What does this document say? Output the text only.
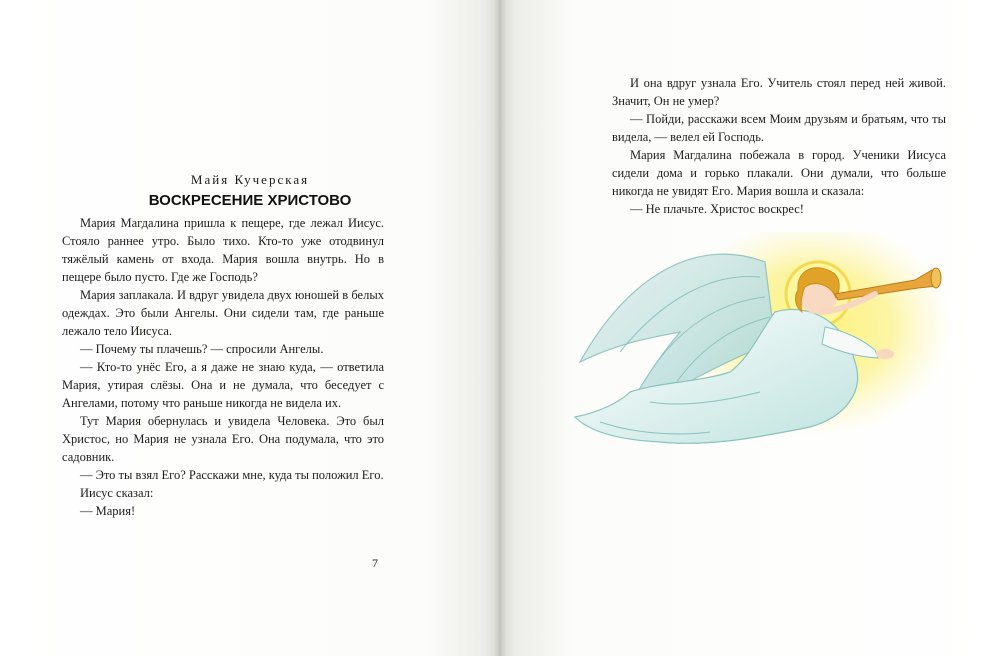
Майя Кучерская
ВОСКРЕСЕНИЕ ХРИСТОВО

Мария Магдалина пришла к пещере, где лежал Иисус. Стояло раннее утро. Было тихо. Кто-то уже отодвинул тяжёлый камень от входа. Мария вошла внутрь. Но в пещере было пусто. Где же Господь?

Мария заплакала. И вдруг увидела двух юношей в белых одеждах. Это были Ангелы. Они сидели там, где раньше лежало тело Иисуса.

— Почему ты плачешь? — спросили Ангелы.

— Кто-то унёс Его, а я даже не знаю куда, — ответила Мария, утирая слёзы. Она и не думала, что беседует с Ангелами, потому что раньше никогда не видела их.

Тут Мария обернулась и увидела Человека. Это был Христос, но Мария не узнала Его. Она подумала, что это садовник.

— Это ты взял Его? Расскажи мне, куда ты положил Его.

Иисус сказал:

— Мария!

7

И она вдруг узнала Его. Учитель стоял перед ней живой. Значит, Он не умер?

— Пойди, расскажи всем Моим друзьям и братьям, что ты видела, — велел ей Господь.

Мария Магдалина побежала в город. Ученики Иисуса сидели дома и горько плакали. Они думали, что больше никогда не увидят Его. Мария вошла и сказала:

— Не плачьте. Христос воскрес!
